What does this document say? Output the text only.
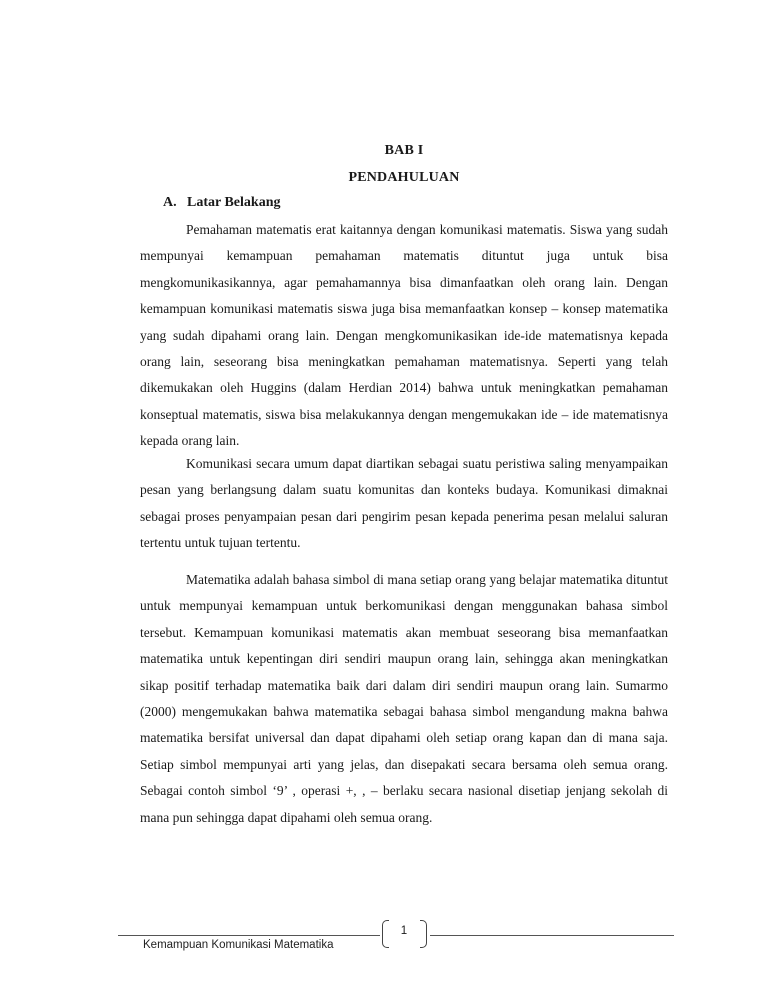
BAB I
PENDAHULUAN
A. Latar Belakang

Pemahaman matematis erat kaitannya dengan komunikasi matematis. Siswa yang sudah mempunyai kemampuan pemahaman matematis dituntut juga untuk bisa mengkomunikasikannya, agar pemahamannya bisa dimanfaatkan oleh orang lain. Dengan kemampuan komunikasi matematis siswa juga bisa memanfaatkan konsep – konsep matematika yang sudah dipahami orang lain. Dengan mengkomunikasikan ide-ide matematisnya kepada orang lain, seseorang bisa meningkatkan pemahaman matematisnya. Seperti yang telah dikemukakan oleh Huggins (dalam Herdian 2014) bahwa untuk meningkatkan pemahaman konseptual matematis, siswa bisa melakukannya dengan mengemukakan ide – ide matematisnya kepada orang lain.

Komunikasi secara umum dapat diartikan sebagai suatu peristiwa saling menyampaikan pesan yang berlangsung dalam suatu komunitas dan konteks budaya. Komunikasi dimaknai sebagai proses penyampaian pesan dari pengirim pesan kepada penerima pesan melalui saluran tertentu untuk tujuan tertentu.

Matematika adalah bahasa simbol di mana setiap orang yang belajar matematika dituntut untuk mempunyai kemampuan untuk berkomunikasi dengan menggunakan bahasa simbol tersebut. Kemampuan komunikasi matematis akan membuat seseorang bisa memanfaatkan matematika untuk kepentingan diri sendiri maupun orang lain, sehingga akan meningkatkan sikap positif terhadap matematika baik dari dalam diri sendiri maupun orang lain. Sumarmo (2000) mengemukakan bahwa matematika sebagai bahasa simbol mengandung makna bahwa matematika bersifat universal dan dapat dipahami oleh setiap orang kapan dan di mana saja. Setiap simbol mempunyai arti yang jelas, dan disepakati secara bersama oleh semua orang. Sebagai contoh simbol ‘9’ , operasi +, , – berlaku secara nasional disetiap jenjang sekolah di mana pun sehingga dapat dipahami oleh semua orang.

1
Kemampuan Komunikasi Matematika
